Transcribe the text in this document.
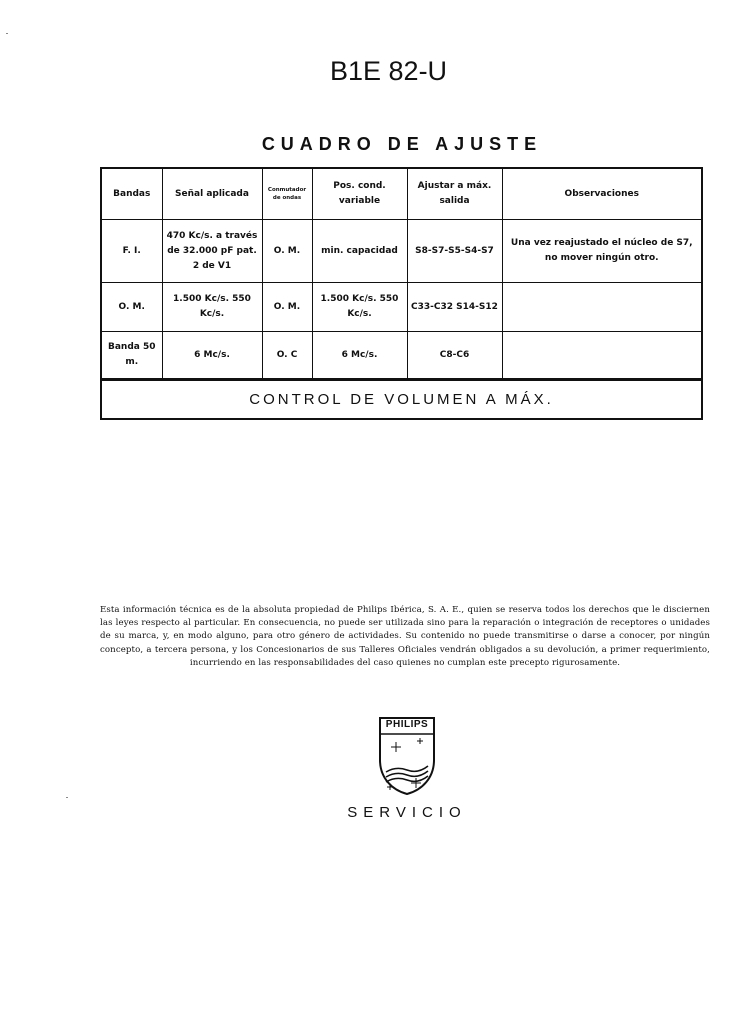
B1E 82-U
CUADRO DE AJUSTE
Bandas	Señal aplicada	Conmutador de ondas	Pos. cond. variable	Ajustar a máx. salida	Observaciones
F. I.	470 Kc/s. a través de 32.000 pF pat. 2 de V1	O. M.	min. capacidad	S8-S7-S5-S4-S7	Una vez reajustado el núcleo de S7, no mover ningún otro.
O. M.	1.500 Kc/s. 550 Kc/s.	O. M.	1.500 Kc/s. 550 Kc/s.	C33-C32 S14-S12	
Banda 50 m.	6 Mc/s.	O. C	6 Mc/s.	C8-C6	
CONTROL DE VOLUMEN A MÁX.
Esta información técnica es de la absoluta propiedad de Philips Ibérica, S. A. E., quien se reserva todos los derechos que le disciernen las leyes respecto al particular. En consecuencia, no puede ser utilizada sino para la reparación o integración de receptores o unidades de su marca, y, en modo alguno, para otro género de actividades. Su contenido no puede transmitirse o darse a conocer, por ningún concepto, a tercera persona, y los Concesionarios de sus Talleres Oficiales vendrán obligados a su devolución, a primer requerimiento, incurriendo en las responsabilidades del caso quienes no cumplan este precepto rigurosamente.
PHILIPS
SERVICIO
